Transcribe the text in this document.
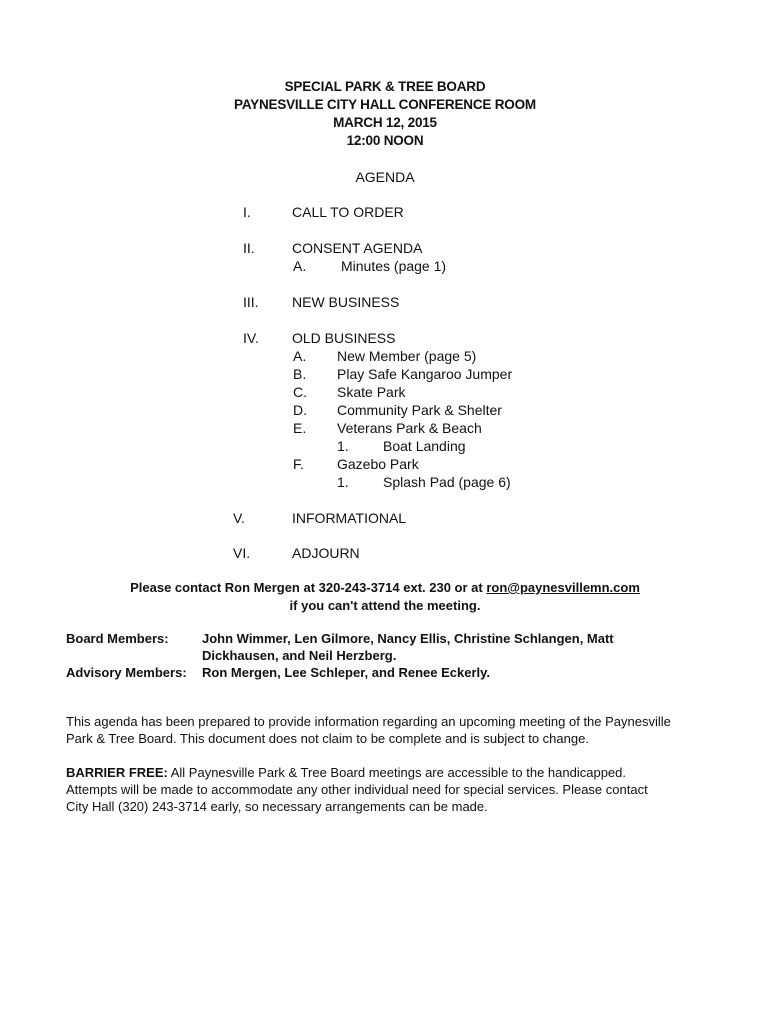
SPECIAL PARK & TREE BOARD
PAYNESVILLE CITY HALL CONFERENCE ROOM
MARCH 12, 2015
12:00 NOON
AGENDA
I.	CALL TO ORDER
II.	CONSENT AGENDA
A. Minutes (page 1)
III. NEW BUSINESS
IV. OLD BUSINESS
A. New Member (page 5)
B. Play Safe Kangaroo Jumper
C. Skate Park
D. Community Park & Shelter
E. Veterans Park & Beach
1. Boat Landing
F. Gazebo Park
1. Splash Pad (page 6)
V.	INFORMATIONAL
VI.	ADJOURN
Please contact Ron Mergen at 320-243-3714 ext. 230 or at ron@paynesvillemn.com
if you can't attend the meeting.
Board Members:	John Wimmer, Len Gilmore, Nancy Ellis, Christine Schlangen, Matt
Dickhausen, and Neil Herzberg.
Advisory Members: Ron Mergen, Lee Schleper, and Renee Eckerly.
This agenda has been prepared to provide information regarding an upcoming meeting of the Paynesville
Park & Tree Board. This document does not claim to be complete and is subject to change.
BARRIER FREE: All Paynesville Park & Tree Board meetings are accessible to the handicapped.
Attempts will be made to accommodate any other individual need for special services. Please contact
City Hall (320) 243-3714 early, so necessary arrangements can be made.
